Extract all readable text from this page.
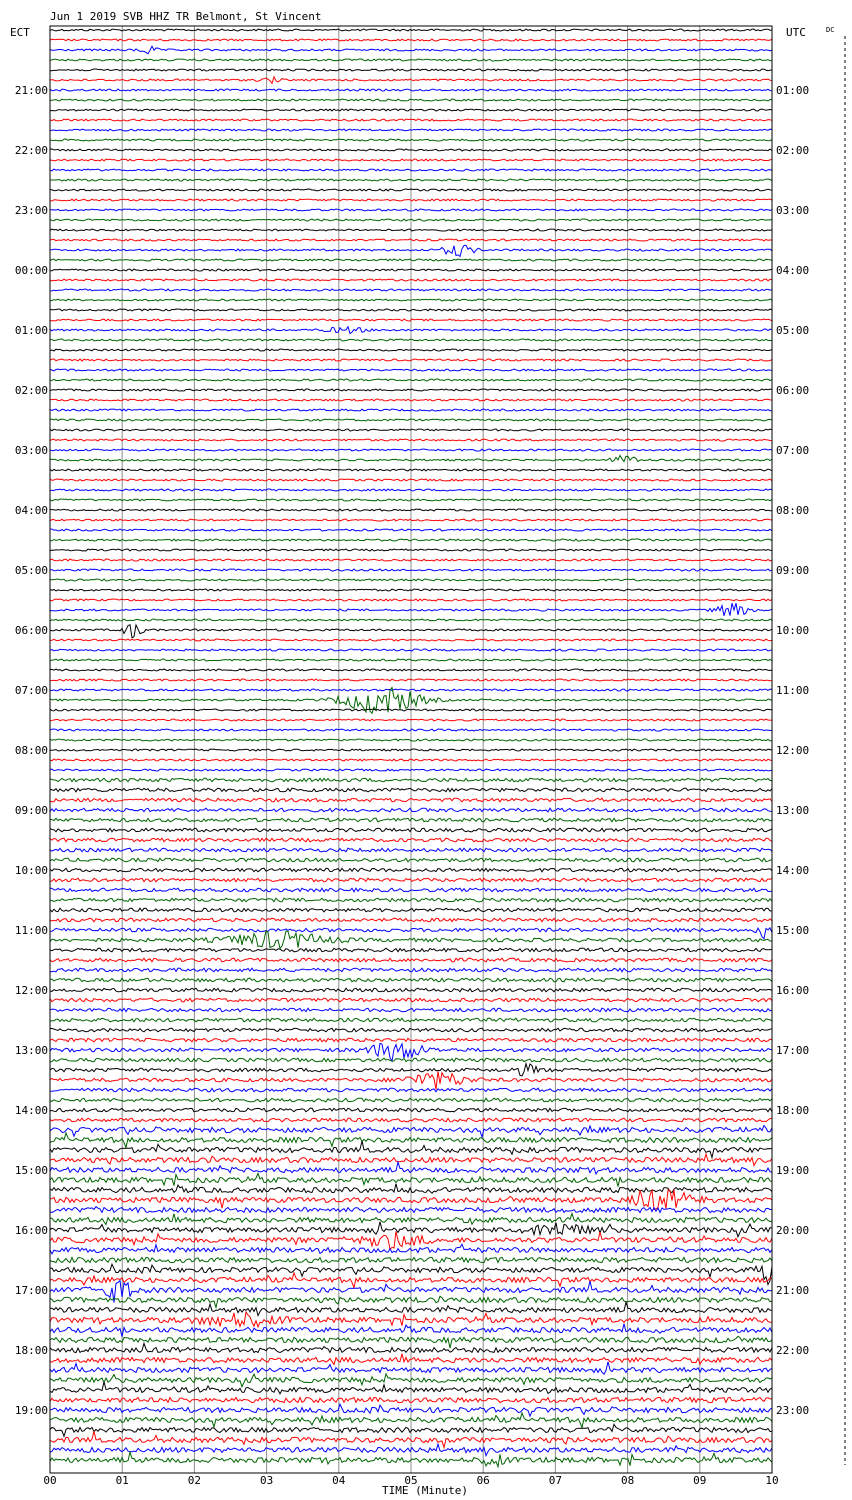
Jun 1 2019 SVB HHZ TR Belmont, St Vincent
ECT	UTC	DC
21:00
22:00
23:00
00:00
01:00
02:00
03:00
04:00
05:00
06:00
07:00
08:00
09:00
10:00
11:00
12:00
13:00
14:00
15:00
16:00
17:00
18:00
19:00
01:00
02:00
03:00
04:00
05:00
06:00
07:00
08:00
09:00
10:00
11:00
12:00
13:00
14:00
15:00
16:00
17:00
18:00
19:00
20:00
21:00
22:00
23:00
00	01	02	03	04	05	06	07	08	09	10
TIME (Minute)
